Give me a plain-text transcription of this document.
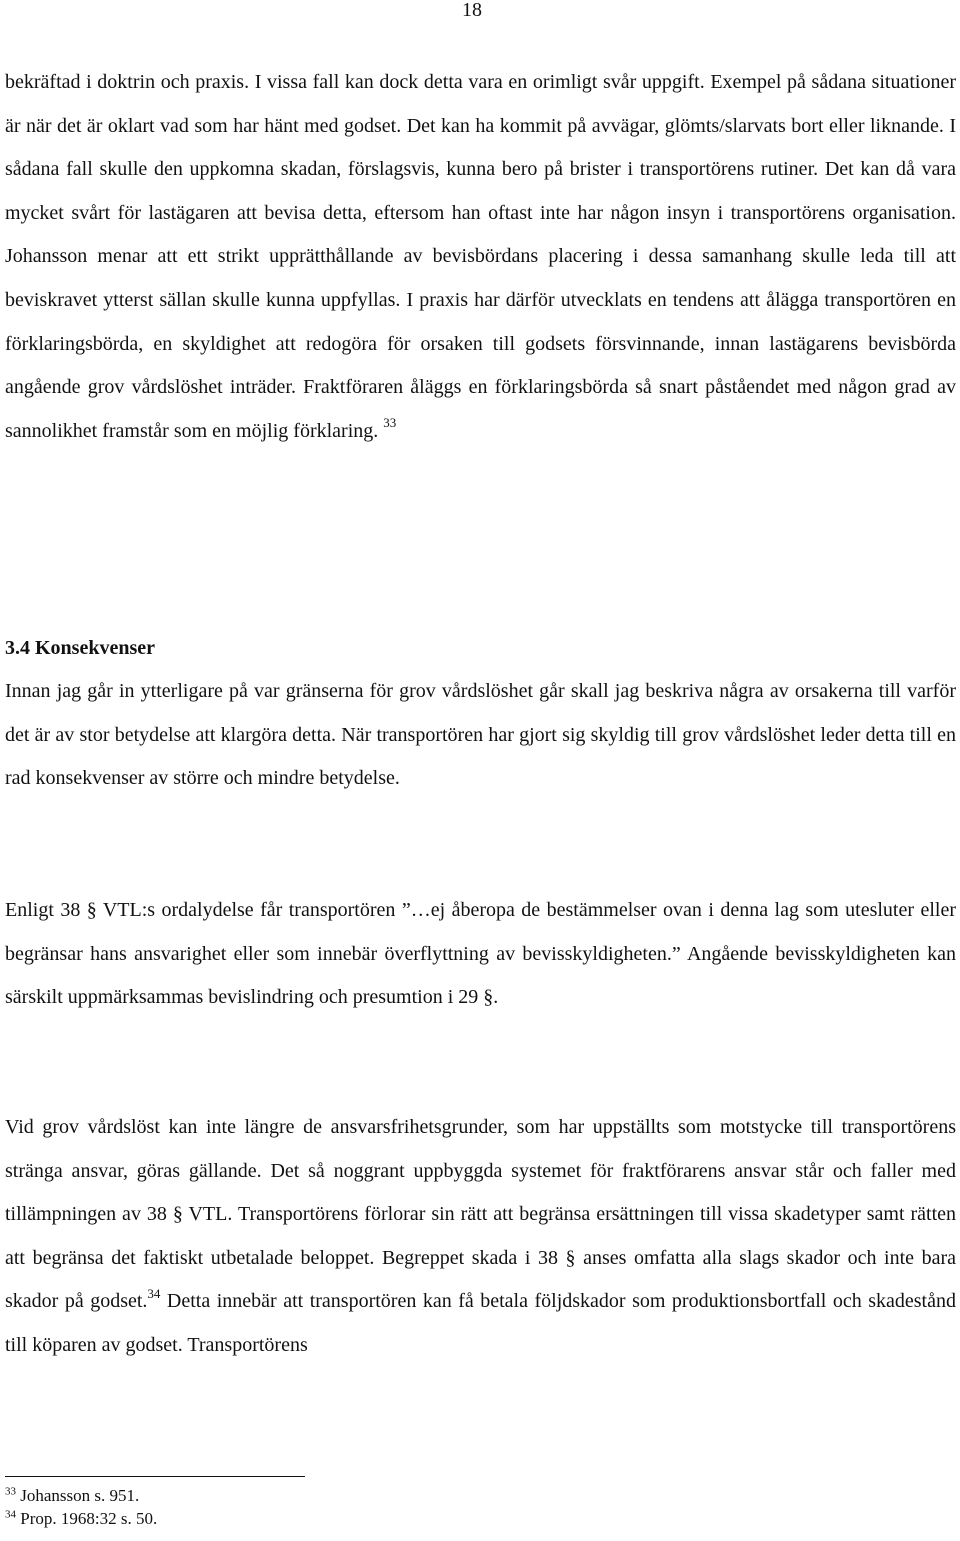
18

bekräftad i doktrin och praxis. I vissa fall kan dock detta vara en orimligt svår uppgift. Exempel på sådana situationer är när det är oklart vad som har hänt med godset. Det kan ha kommit på avvägar, glömts/slarvats bort eller liknande. I sådana fall skulle den uppkomna skadan, förslagsvis, kunna bero på brister i transportörens rutiner. Det kan då vara mycket svårt för lastägaren att bevisa detta, eftersom han oftast inte har någon insyn i transportörens organisation. Johansson menar att ett strikt upprätthållande av bevisbördans placering i dessa samanhang skulle leda till att beviskravet ytterst sällan skulle kunna uppfyllas. I praxis har därför utvecklats en tendens att ålägga transportören en förklaringsbörda, en skyldighet att redogöra för orsaken till godsets försvinnande, innan lastägarens bevisbörda angående grov vårdslöshet inträder. Fraktföraren åläggs en förklaringsbörda så snart påståendet med någon grad av sannolikhet framstår som en möjlig förklaring. $^{33}$

3.4 Konsekvenser

Innan jag går in ytterligare på var gränserna för grov vårdslöshet går skall jag beskriva några av orsakerna till varför det är av stor betydelse att klargöra detta. När transportören har gjort sig skyldig till grov vårdslöshet leder detta till en rad konsekvenser av större och mindre betydelse.

Enligt 38 § VTL:s ordalydelse får transportören ”…ej åberopa de bestämmelser ovan i denna lag som utesluter eller begränsar hans ansvarighet eller som innebär överflyttning av bevisskyldigheten.” Angående bevisskyldigheten kan särskilt uppmärksammas bevislindring och presumtion i 29 §.

Vid grov vårdslöst kan inte längre de ansvarsfrihetsgrunder, som har uppställts som motstycke till transportörens stränga ansvar, göras gällande. Det så noggrant uppbyggda systemet för fraktförarens ansvar står och faller med tillämpningen av 38 § VTL. Transportörens förlorar sin rätt att begränsa ersättningen till vissa skadetyper samt rätten att begränsa det faktiskt utbetalade beloppet. Begreppet skada i 38 § anses omfatta alla slags skador och inte bara skador på godset.$^{34}$ Detta innebär att transportören kan få betala följdskador som produktionsbortfall och skadestånd till köparen av godset. Transportörens

$^{33}$ Johansson s. 951.
$^{34}$ Prop. 1968:32 s. 50.
